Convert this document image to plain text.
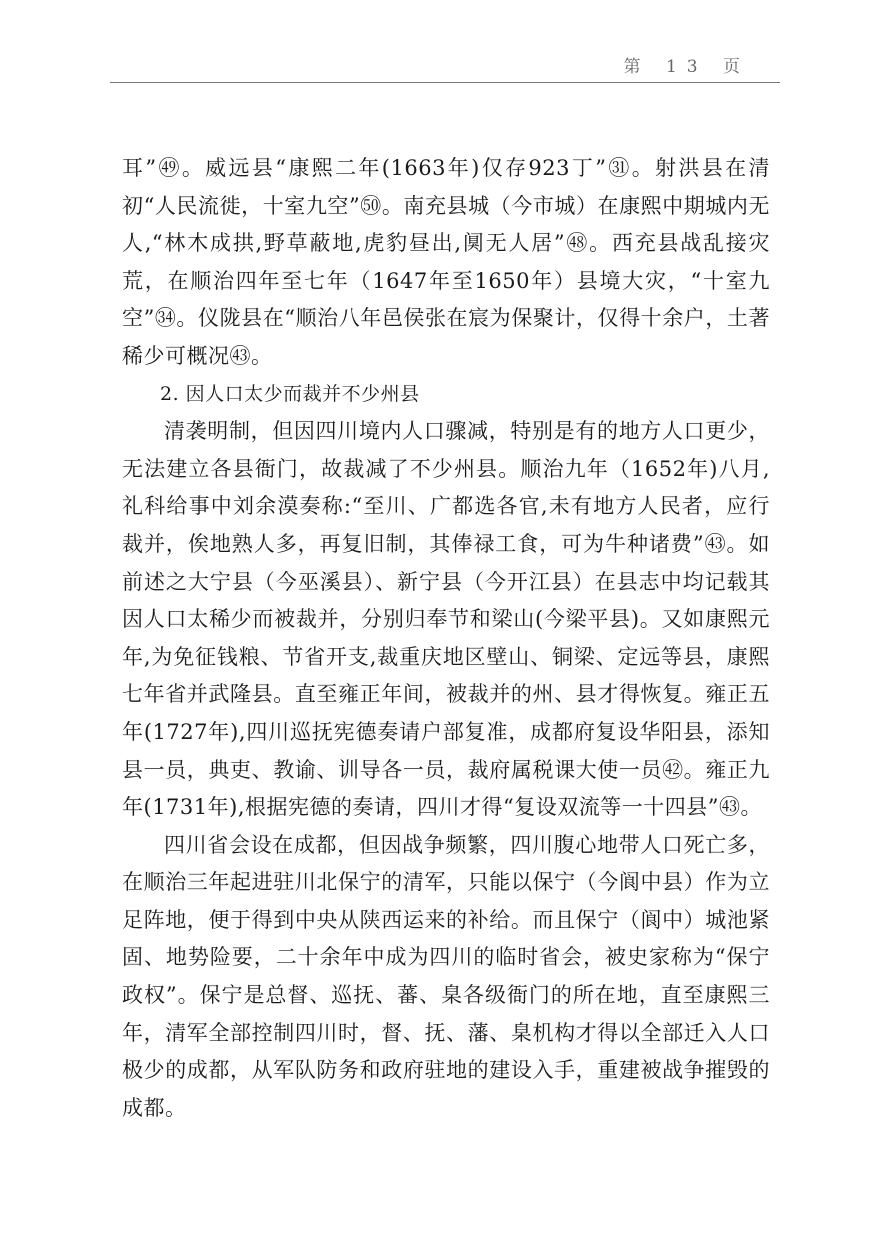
第 13 页

耳”㊾。威远县“康熙二年(1663年)仅存923丁”㉛。射洪县在清初“人民流徙，十室九空”㊿。南充县城（今市城）在康熙中期城内无人,“林木成拱,野草蔽地,虎豹昼出,阒无人居”㊽。西充县战乱接灾荒，在顺治四年至七年（1647年至1650年）县境大灾，“十室九空”㉞。仪陇县在“顺治八年邑侯张在宸为保聚计，仅得十余户，土著稀少可概况㊸。

2. 因人口太少而裁并不少州县

清袭明制，但因四川境内人口骤减，特别是有的地方人口更少，无法建立各县衙门，故裁减了不少州县。顺治九年（1652年)八月,礼科给事中刘余漠奏称:“至川、广都选各官,未有地方人民者，应行裁并，俟地熟人多，再复旧制，其俸禄工食，可为牛种诸费”㊸。如前述之大宁县（今巫溪县）、新宁县（今开江县）在县志中均记载其因人口太稀少而被裁并，分别归奉节和梁山(今梁平县)。又如康熙元年,为免征钱粮、节省开支,裁重庆地区壁山、铜梁、定远等县，康熙七年省并武隆县。直至雍正年间，被裁并的州、县才得恢复。雍正五年(1727年),四川巡抚宪德奏请户部复准，成都府复设华阳县，添知县一员，典吏、教谕、训导各一员，裁府属税课大使一员㊷。雍正九年(1731年),根据宪德的奏请，四川才得“复设双流等一十四县”㊸。

四川省会设在成都，但因战争频繁，四川腹心地带人口死亡多，在顺治三年起进驻川北保宁的清军，只能以保宁（今阆中县）作为立足阵地，便于得到中央从陕西运来的补给。而且保宁（阆中）城池紧固、地势险要，二十余年中成为四川的临时省会，被史家称为“保宁政权”。保宁是总督、巡抚、蕃、臬各级衙门的所在地，直至康熙三年，清军全部控制四川时，督、抚、藩、臬机构才得以全部迁入人口极少的成都，从军队防务和政府驻地的建设入手，重建被战争摧毁的成都。
